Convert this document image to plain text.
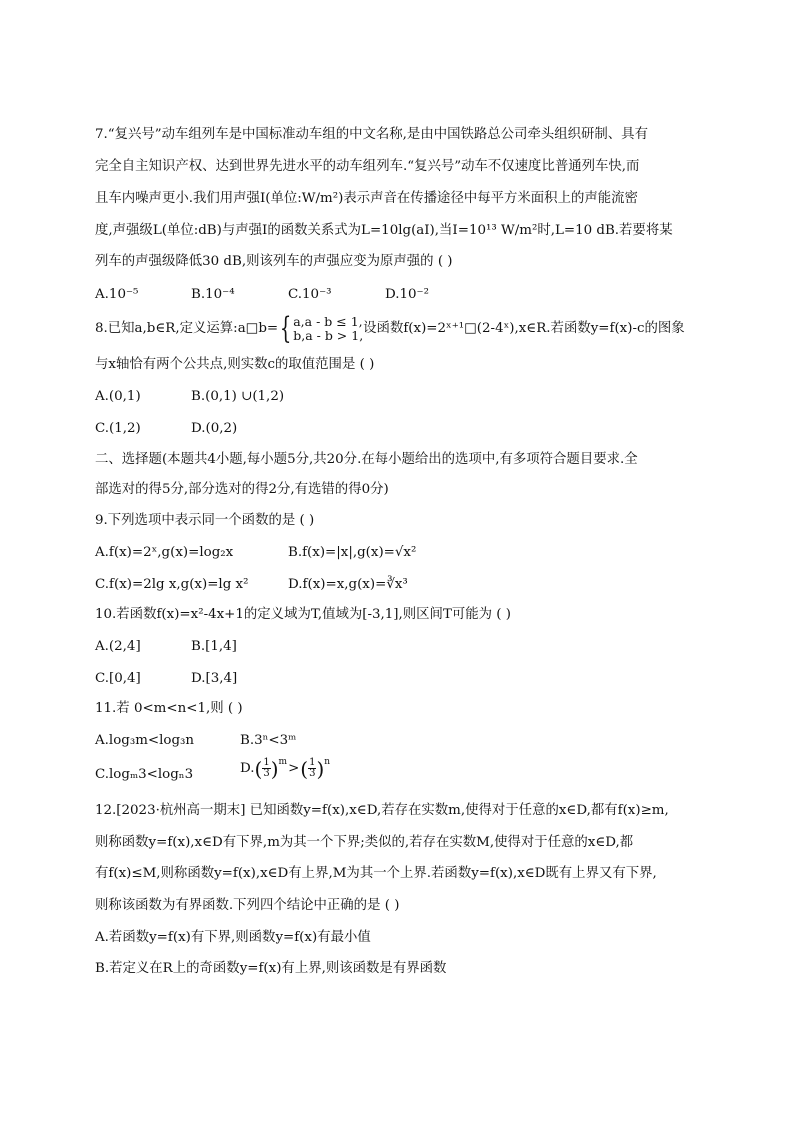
7.“复兴号”动车组列车是中国标准动车组的中文名称,是由中国铁路总公司牵头组织研制、具有
完全自主知识产权、达到世界先进水平的动车组列车.“复兴号”动车不仅速度比普通列车快,而
且车内噪声更小.我们用声强I(单位:W/m²)表示声音在传播途径中每平方米面积上的声能流密
度,声强级L(单位:dB)与声强I的函数关系式为L=10lg(aI),当I=10¹³ W/m²时,L=10 dB.若要将某
列车的声强级降低30 dB,则该列车的声强应变为原声强的 ( )
A.10⁻⁵	B.10⁻⁴	C.10⁻³	D.10⁻²
8.已知a,b∈R,定义运算:a□b= { a,a - b ≤ 1,
b,a - b > 1, 设函数f(x)=2ˣ⁺¹□(2-4ˣ),x∈R.若函数y=f(x)-c的图象
与x轴恰有两个公共点,则实数c的取值范围是 ( )
A.(0,1)	B.(0,1) ∪(1,2)
C.(1,2)	D.(0,2)
二、选择题(本题共4小题,每小题5分,共20分.在每小题给出的选项中,有多项符合题目要求.全
部选对的得5分,部分选对的得2分,有选错的得0分)
9.下列选项中表示同一个函数的是 ( )
A.f(x)=2ˣ,g(x)=log₂x	B.f(x)=|x|,g(x)=√x²
C.f(x)=2lg x,g(x)=lg x²	D.f(x)=x,g(x)=∛x³
10.若函数f(x)=x²-4x+1的定义域为T,值域为[-3,1],则区间T可能为 ( )
A.(2,4]	B.[1,4]
C.[0,4]	D.[3,4]
11.若 0<m<n<1,则 ( )
A.log₃m<log₃n	B.3ⁿ<3ᵐ
C.logₘ3<logₙ3	D. ( $\frac{1}{3}$ ) m > ( $\frac{1}{3}$ ) n
12.[2023·杭州高一期末] 已知函数y=f(x),x∈D,若存在实数m,使得对于任意的x∈D,都有f(x)≥m,
则称函数y=f(x),x∈D有下界,m为其一个下界;类似的,若存在实数M,使得对于任意的x∈D,都
有f(x)≤M,则称函数y=f(x),x∈D有上界,M为其一个上界.若函数y=f(x),x∈D既有上界又有下界,
则称该函数为有界函数.下列四个结论中正确的是 ( )
A.若函数y=f(x)有下界,则函数y=f(x)有最小值
B.若定义在R上的奇函数y=f(x)有上界,则该函数是有界函数
